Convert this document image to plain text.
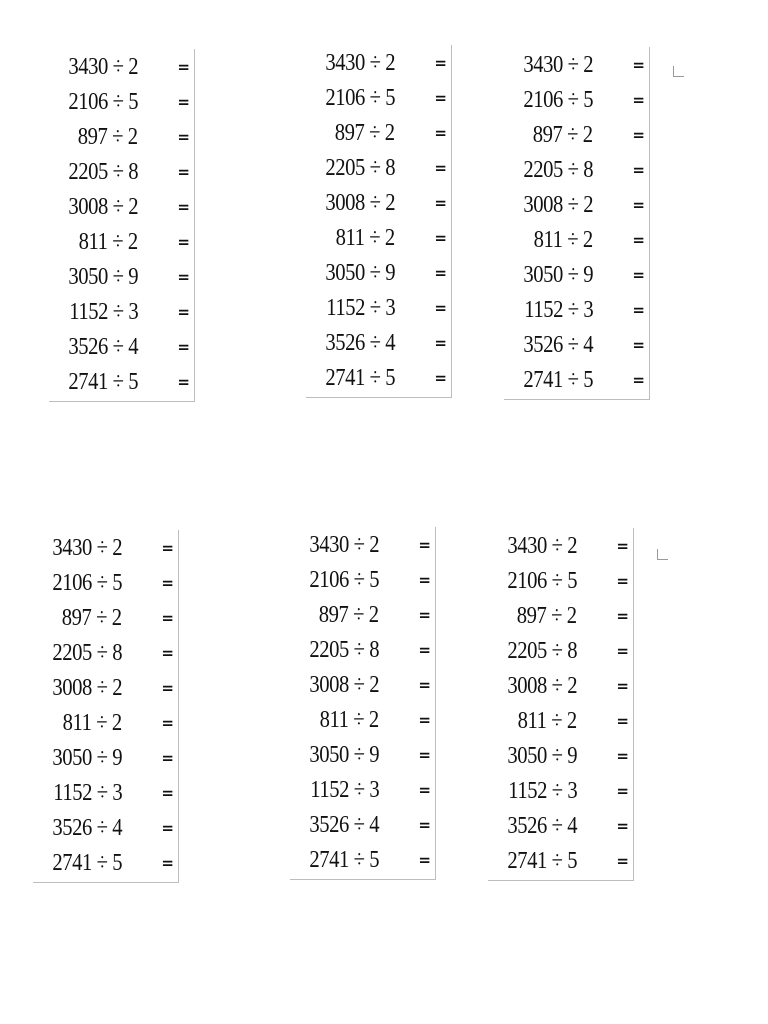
3430 ÷ 2	=
2106 ÷ 5	=
897 ÷ 2	=
2205 ÷ 8	=
3008 ÷ 2	=
811 ÷ 2	=
3050 ÷ 9	=
1152 ÷ 3	=
3526 ÷ 4	=
2741 ÷ 5	=
3430 ÷ 2	=
2106 ÷ 5	=
897 ÷ 2	=
2205 ÷ 8	=
3008 ÷ 2	=
811 ÷ 2	=
3050 ÷ 9	=
1152 ÷ 3	=
3526 ÷ 4	=
2741 ÷ 5	=
3430 ÷ 2	=
2106 ÷ 5	=
897 ÷ 2	=
2205 ÷ 8	=
3008 ÷ 2	=
811 ÷ 2	=
3050 ÷ 9	=
1152 ÷ 3	=
3526 ÷ 4	=
2741 ÷ 5	=
3430 ÷ 2	=
2106 ÷ 5	=
897 ÷ 2	=
2205 ÷ 8	=
3008 ÷ 2	=
811 ÷ 2	=
3050 ÷ 9	=
1152 ÷ 3	=
3526 ÷ 4	=
2741 ÷ 5	=
3430 ÷ 2	=
2106 ÷ 5	=
897 ÷ 2	=
2205 ÷ 8	=
3008 ÷ 2	=
811 ÷ 2	=
3050 ÷ 9	=
1152 ÷ 3	=
3526 ÷ 4	=
2741 ÷ 5	=
3430 ÷ 2	=
2106 ÷ 5	=
897 ÷ 2	=
2205 ÷ 8	=
3008 ÷ 2	=
811 ÷ 2	=
3050 ÷ 9	=
1152 ÷ 3	=
3526 ÷ 4	=
2741 ÷ 5	=
